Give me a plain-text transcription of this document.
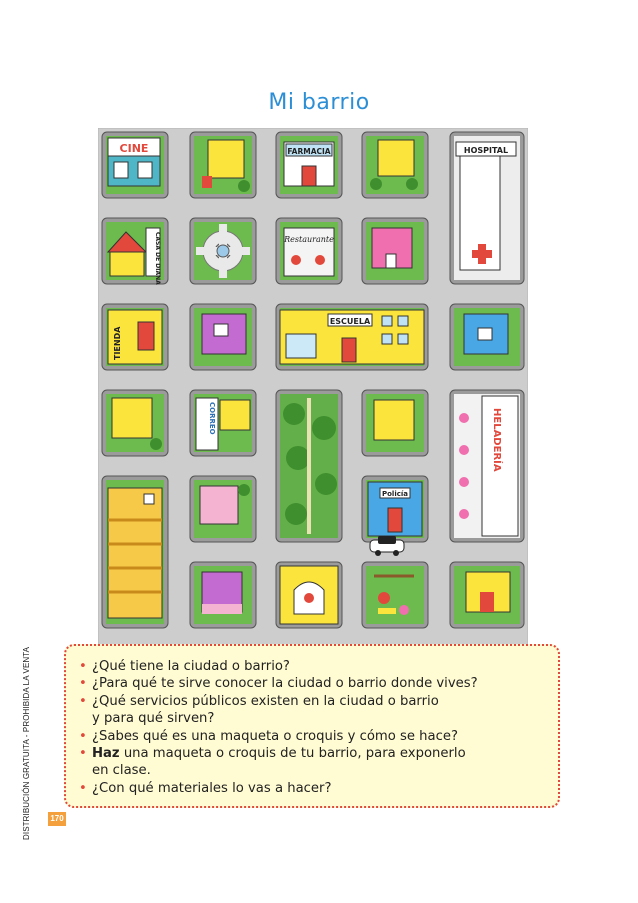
Mi barrio
CINE	FARMACIA	HOSPITAL
CASA DE DIANA	Restaurante
TIENDA
ESCUELA
CORREO	HELADERÍA
Policía
DISTRIBUCIÓN GRATUITA - PROHIBIDA LA VENTA
•	¿Qué tiene la ciudad o barrio?
• ¿Para qué te sirve conocer la ciudad o barrio donde vives?
• ¿Qué servicios públicos existen en la ciudad o barrio
y para qué sirven?
• ¿Sabes qué es una maqueta o croquis y cómo se hace?
• Haz una maqueta o croquis de tu barrio, para exponerlo
en clase.
• ¿Con qué materiales lo vas a hacer?
170
